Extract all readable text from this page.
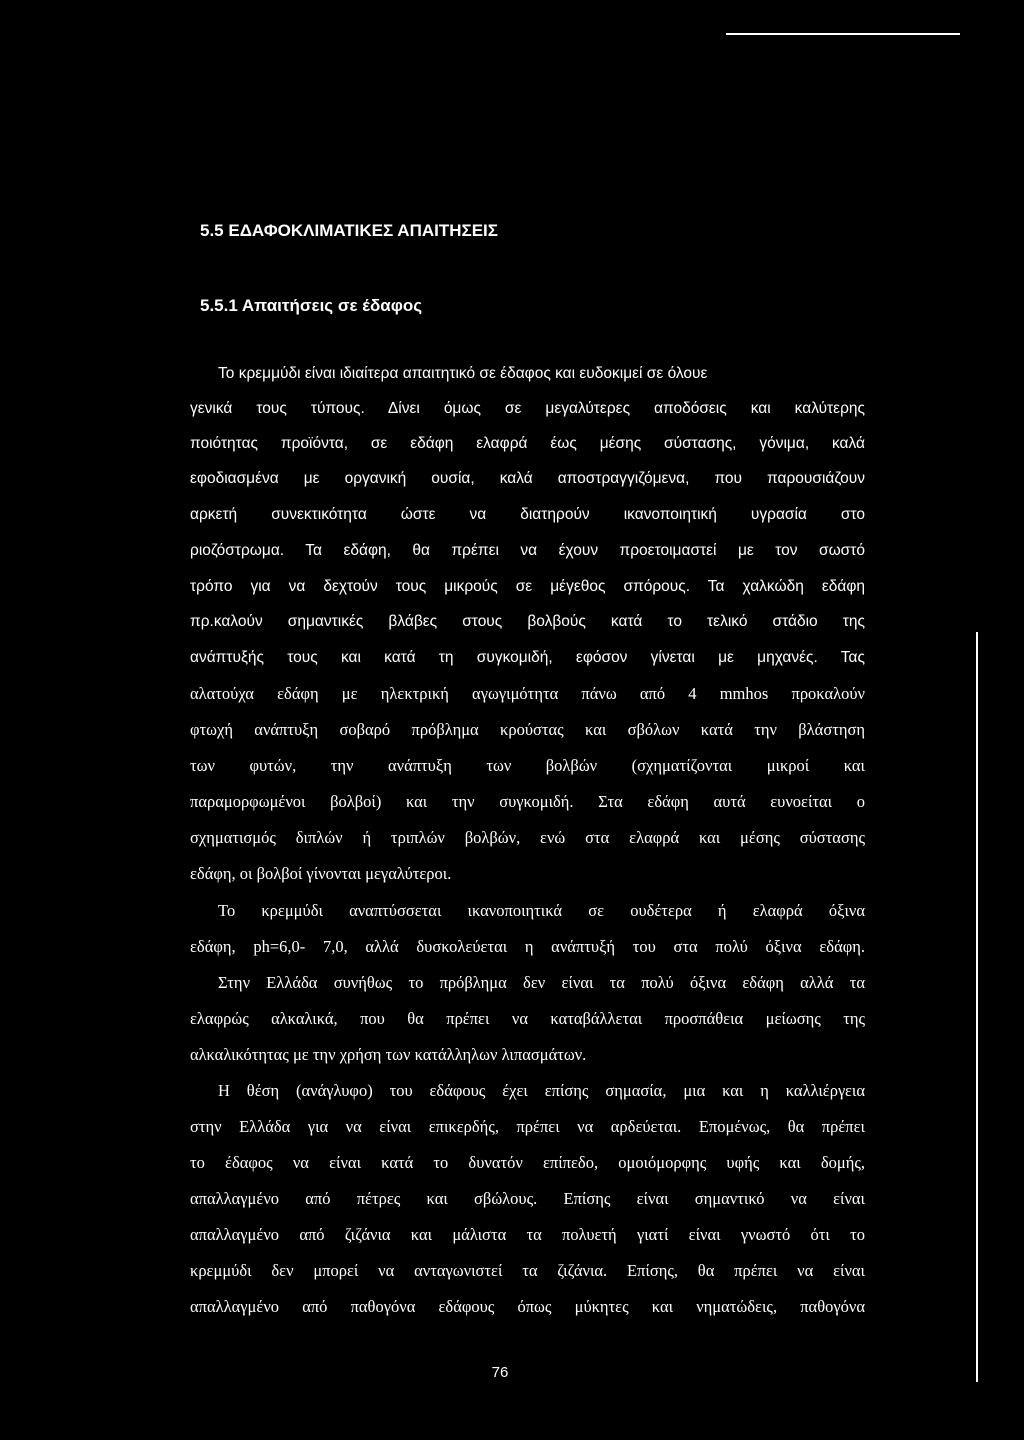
5.5 ΕΔΑΦΟΚΛΙΜΑΤΙΚΕΣ ΑΠΑΙΤΗΣΕΙΣ
5.5.1 Απαιτήσεις σε έδαφος

Το κρεμμύδι είναι ιδιαίτερα απαιτητικό σε έδαφος και ευδοκιμεί σε όλουε

γενικά τους τύπους. Δίνει όμως σε μεγαλύτερες αποδόσεις και καλύτερης

ποιότητας προϊόντα, σε εδάφη ελαφρά έως μέσης σύστασης, γόνιμα, καλά

εφοδιασμένα με οργανική ουσία, καλά αποστραγγιζόμενα, που παρουσιάζουν

αρκετή συνεκτικότητα ώστε να διατηρούν ικανοποιητική υγρασία στο

ριοζόστρωμα. Τα εδάφη, θα πρέπει να έχουν προετοιμαστεί με τον σωστό

τρόπο για να δεχτούν τους μικρούς σε μέγεθος σπόρους. Τα χαλκώδη εδάφη

πρ.καλούν σημαντικές βλάβες στους βολβούς κατά το τελικό στάδιο της

ανάπτυξής τους και κατά τη συγκομιδή, εφόσον γίνεται με μηχανές. Τας

αλατούχα εδάφη με ηλεκτρική αγωγιμότητα πάνω από 4 mmhos προκαλούν

φτωχή ανάπτυξη σοβαρό πρόβλημα κρούστας και σβόλων κατά την βλάστηση

των φυτών, την ανάπτυξη των βολβών (σχηματίζονται μικροί και

παραμορφωμένοι βολβοί) και την συγκομιδή. Στα εδάφη αυτά ευνοείται ο

σχηματισμός διπλών ή τριπλών βολβών, ενώ στα ελαφρά και μέσης σύστασης

εδάφη, οι βολβοί γίνονται μεγαλύτεροι.

Το κρεμμύδι αναπτύσσεται ικανοποιητικά σε ουδέτερα ή ελαφρά όξινα

εδάφη, ph=6,0- 7,0, αλλά δυσκολεύεται η ανάπτυξή του στα πολύ όξινα εδάφη.

Στην Ελλάδα συνήθως το πρόβλημα δεν είναι τα πολύ όξινα εδάφη αλλά τα

ελαφρώς αλκαλικά, που θα πρέπει να καταβάλλεται προσπάθεια μείωσης της

αλκαλικότητας με την χρήση των κατάλληλων λιπασμάτων.

Η θέση (ανάγλυφο) του εδάφους έχει επίσης σημασία, μια και η καλλιέργεια

στην Ελλάδα για να είναι επικερδής, πρέπει να αρδεύεται. Επομένως, θα πρέπει

το έδαφος να είναι κατά το δυνατόν επίπεδο, ομοιόμορφης υφής και δομής,

απαλλαγμένο από πέτρες και σβώλους. Επίσης είναι σημαντικό να είναι

απαλλαγμένο από ζιζάνια και μάλιστα τα πολυετή γιατί είναι γνωστό ότι το

κρεμμύδι δεν μπορεί να ανταγωνιστεί τα ζιζάνια. Επίσης, θα πρέπει να είναι

απαλλαγμένο από παθογόνα εδάφους όπως μύκητες και νηματώδεις, παθογόνα

76
